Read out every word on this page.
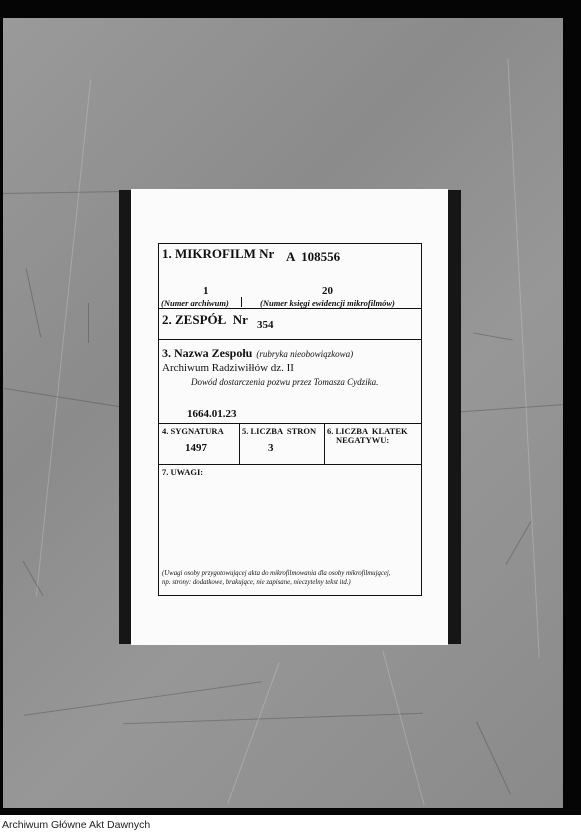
1. MIKROFILM Nr A  108556
1	20
(Numer archiwum)	(Numer księgi ewidencji mikrofilmów)
2. ZESPÓŁ  Nr 354
3. Nazwa Zespołu (rubryka nieobowiązkowa)
Archiwum Radziwiłłów dz. II
Dowód dostarczenia pozwu przez Tomasza Cydzika.
1664.01.23
4. SYGNATURA
1497
5. LICZBA  STRON
3
6. LICZBA  KLATEK
NEGATYWU:
7. UWAGI:
(Uwagi osoby przygotowującej akta do mikrofilmowania dla osoby mikrofilmującej,
np. strony: dodatkowe, brakujące, nie zapisane, nieczytelny tekst itd.)
Archiwum Główne Akt Dawnych
